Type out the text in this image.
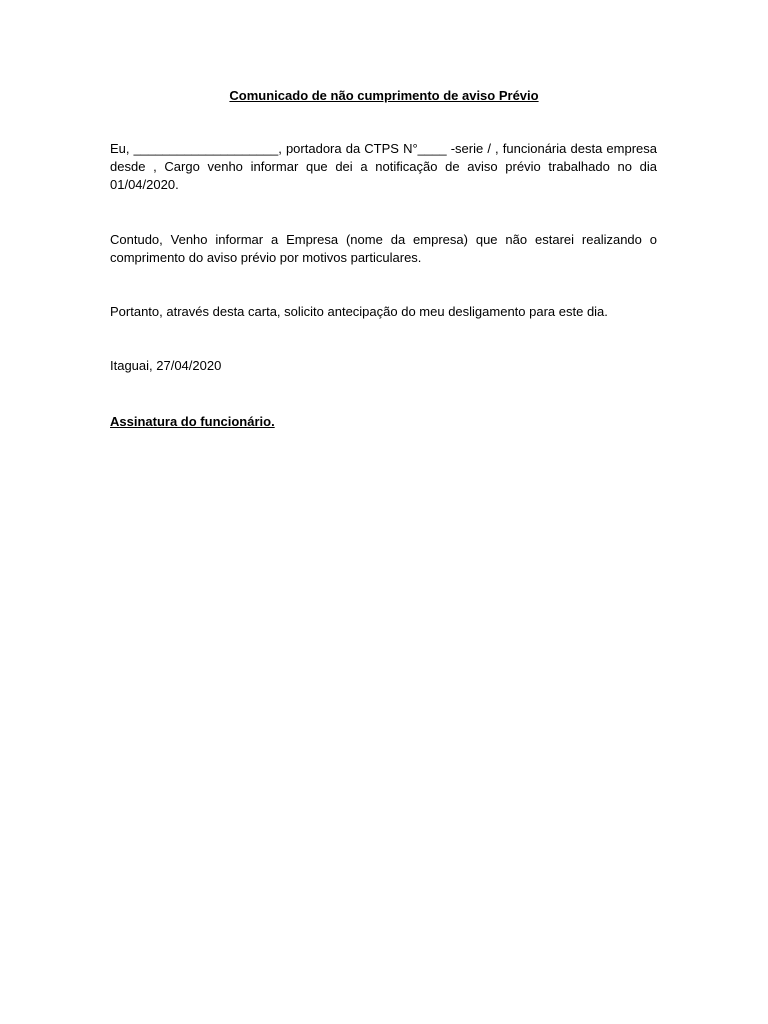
Comunicado de não cumprimento de aviso Prévio
Eu, ____________________, portadora da CTPS N°____ -serie / , funcionária desta empresa
desde , Cargo venho informar que dei a notificação de aviso prévio trabalhado no dia
01/04/2020.
Contudo, Venho informar a Empresa (nome da empresa) que não estarei realizando o
comprimento do aviso prévio por motivos particulares.
Portanto, através desta carta, solicito antecipação do meu desligamento para este dia.
Itaguai, 27/04/2020
Assinatura do funcionário.
